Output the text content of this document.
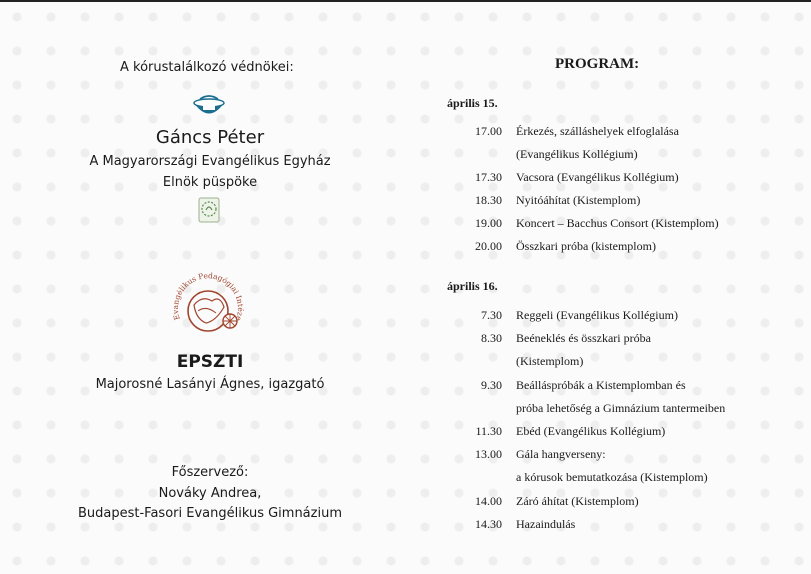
A kórustalálkozó védnökei:
Gáncs Péter
A Magyarországi Evangélikus Egyház
Elnök püspöke
Evangélikus Pedagógiai Intéze
EPSZTI
Majorosné Lasányi Ágnes, igazgató
Főszervező:
Nováky Andrea,
Budapest-Fasori Evangélikus Gimnázium
PROGRAM:
április 15.
17.00 Érkezés, szálláshelyek elfoglalása
(Evangélikus Kollégium)
17.30 Vacsora (Evangélikus Kollégium)
18.30 Nyitóáhítat (Kistemplom)
19.00 Koncert – Bacchus Consort (Kistemplom)
20.00 Összkari próba (kistemplom)
április 16.
7.30 Reggeli (Evangélikus Kollégium)
8.30 Beéneklés és összkari próba
(Kistemplom)
9.30 Beálláspróbák a Kistemplomban és
próba lehetőség a Gimnázium tantermeiben
11.30 Ebéd (Evangélikus Kollégium)
13.00 Gála hangverseny:
a kórusok bemutatkozása (Kistemplom)
14.00 Záró áhítat (Kistemplom)
14.30 Hazaindulás
